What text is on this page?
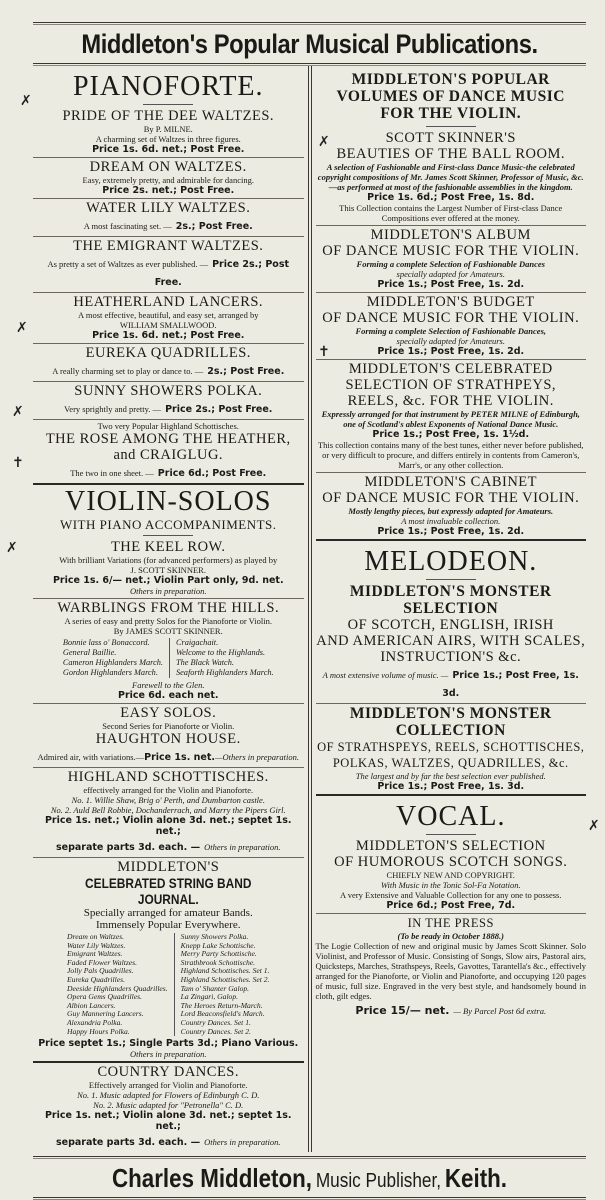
✗
✗
✗
✝
✗
✗
✝
✗
Middleton's Popular Musical Publications.
PIANOFORTE.
PRIDE OF THE DEE WALTZES.
By P. MILNE.
A charming set of Waltzes in three figures.
Price 1s. 6d. net.; Post Free.
DREAM ON WALTZES.
Easy, extremely pretty, and admirable for dancing.
Price 2s. net.; Post Free.
WATER LILY WALTZES.
A most fascinating set. — 2s.; Post Free.
THE EMIGRANT WALTZES.
As pretty a set of Waltzes as ever published. — Price 2s.; Post Free.
HEATHERLAND LANCERS.
A most effective, beautiful, and easy set, arranged by
WILLIAM SMALLWOOD.
Price 1s. 6d. net.; Post Free.
EUREKA QUADRILLES.
A really charming set to play or dance to. — 2s.; Post Free.
SUNNY SHOWERS POLKA.
Very sprightly and pretty. — Price 2s.; Post Free.
Two very Popular Highland Schottisches.
THE ROSE AMONG THE HEATHER,
and CRAIGLUG.
The two in one sheet. — Price 6d.; Post Free.
VIOLIN-SOLOS
WITH PIANO ACCOMPANIMENTS.
THE KEEL ROW.
With brilliant Variations (for advanced performers) as played by
J. SCOTT SKINNER.
Price 1s. 6/— net.; Violin Part only, 9d. net.
Others in preparation.
WARBLINGS FROM THE HILLS.
A series of easy and pretty Solos for the Pianoforte or Violin.
By JAMES SCOTT SKINNER.
Bonnie lass o' Bonaccord.
General Baillie.
Cameron Highlanders March.
Gordon Highlanders March.
Craigachait.
Welcome to the Highlands.
The Black Watch.
Seaforth Highlanders March.
Farewell to the Glen.
Price 6d. each net.
EASY SOLOS.
Second Series for Pianoforte or Violin.
HAUGHTON HOUSE.
Admired air, with variations.—Price 1s. net.—Others in preparation.
HIGHLAND SCHOTTISCHES.
effectively arranged for the Violin and Pianoforte.
No. 1. Willie Shaw, Brig o' Perth, and Dumbarton castle.
No. 2. Auld Bell Robbie, Dochanderrach, and Marry the Pipers Girl.
Price 1s. net.; Violin alone 3d. net.; septet 1s. net.;
separate parts 3d. each. — Others in preparation.
MIDDLETON'S
CELEBRATED STRING BAND JOURNAL.
Specially arranged for amateur Bands.
Immensely Popular Everywhere.
Dream on Waltzes.
Water Lily Waltzes.
Emigrant Waltzes.
Faded Flower Waltzes.
Jolly Pals Quadrilles.
Eureka Quadrilles.
Deeside Highlanders Quadrilles.
Opera Gems Quadrilles.
Albion Lancers.
Guy Mannering Lancers.
Alexandria Polka.
Happy Hours Polka.
Sunny Showers Polka.
Knepp Lake Schottische.
Merry Party Schottische.
Strathbrook Schottische.
Highland Schottisches. Set 1.
Highland Schottisches. Set 2.
Tam o' Shanter Galop.
La Zingari, Galop.
The Heroes Return-March.
Lord Beaconsfield's March.
Country Dances. Set 1.
Country Dances. Set 2.
Price septet 1s.; Single Parts 3d.; Piano Various.
Others in preparation.
COUNTRY DANCES.
Effectively arranged for Violin and Pianoforte.
No. 1. Music adapted for Flowers of Edinburgh C. D.
No. 2. Music adapted for "Petronella" C. D.
Price 1s. net.; Violin alone 3d. net.; septet 1s. net.;
separate parts 3d. each. — Others in preparation.
MIDDLETON'S POPULAR
VOLUMES OF DANCE MUSIC
FOR THE VIOLIN.
SCOTT SKINNER'S
BEAUTIES OF THE BALL ROOM.
A selection of Fashionable and First-class Dance Music-the celebrated copyright compositions of Mr. James Scott Skinner, Professor of Music, &c.—as performed at most of the fashionable assemblies in the kingdom.
Price 1s. 6d.; Post Free, 1s. 8d.
This Collection contains the Largest Number of First-class Dance Compositions ever offered at the money.
MIDDLETON'S ALBUM
OF DANCE MUSIC FOR THE VIOLIN.
Forming a complete Selection of Fashionable Dances
specially adapted for Amateurs.
Price 1s.; Post Free, 1s. 2d.
MIDDLETON'S BUDGET
OF DANCE MUSIC FOR THE VIOLIN.
Forming a complete Selection of Fashionable Dances,
specially adapted for Amateurs.
Price 1s.; Post Free, 1s. 2d.
MIDDLETON'S CELEBRATED
SELECTION OF STRATHPEYS,
REELS, &c. FOR THE VIOLIN.
Expressly arranged for that instrument by PETER MILNE of Edinburgh, one of Scotland's ablest Exponents of National Dance Music.
Price 1s.; Post Free, 1s. 1½d.
This collection contains many of the best tunes, either never before published, or very difficult to procure, and differs entirely in contents from Cameron's, Marr's, or any other collection.
MIDDLETON'S CABINET
OF DANCE MUSIC FOR THE VIOLIN.
Mostly lengthy pieces, but expressly adapted for Amateurs.
A most invaluable collection.
Price 1s.; Post Free, 1s. 2d.
MELODEON.
MIDDLETON'S MONSTER SELECTION
OF SCOTCH, ENGLISH, IRISH
AND AMERICAN AIRS, WITH SCALES,
INSTRUCTION'S &c.
A most extensive volume of music. — Price 1s.; Post Free, 1s. 3d.
MIDDLETON'S MONSTER COLLECTION
OF STRATHSPEYS, REELS, SCHOTTISCHES,
POLKAS, WALTZES, QUADRILLES, &c.
The largest and by far the best selection ever published.
Price 1s.; Post Free, 1s. 3d.
VOCAL.
MIDDLETON'S SELECTION
OF HUMOROUS SCOTCH SONGS.
CHIEFLY NEW AND COPYRIGHT.
With Music in the Tonic Sol-Fa Notation.
A very Extensive and Valuable Collection for any one to possess.
Price 6d.; Post Free, 7d.
IN THE PRESS
(To be ready in October 1888.)
The Logie Collection of new and original music by James Scott Skinner. Solo Violinist, and Professor of Music. Consisting of Songs, Slow airs, Pastoral airs, Quicksteps, Marches, Strathspeys, Reels, Gavottes, Tarantella's &c., effectively arranged for the Pianoforte, or Violin and Pianoforte, and occupying 120 pages of music, full size. Engraved in the very best style, and handsomely bound in cloth, gilt edges.
Price 15/— net. — By Parcel Post 6d extra.
Charles Middleton, Music Publisher, Keith.
